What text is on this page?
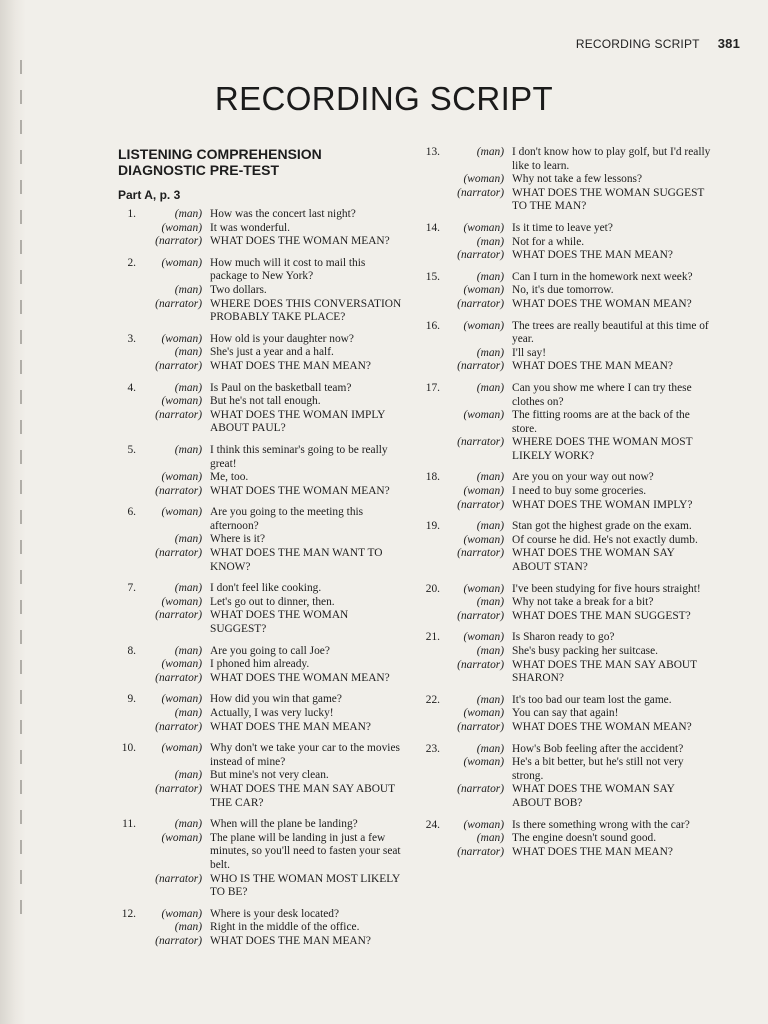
RECORDING SCRIPT 381
RECORDING SCRIPT
LISTENING COMPREHENSION DIAGNOSTIC PRE-TEST
Part A, p. 3
1.	(man) How was the concert last night?
(woman) It was wonderful.
(narrator) WHAT DOES THE WOMAN MEAN?
2.	(woman) How much will it cost to mail this package to New York?
(man) Two dollars.
(narrator) WHERE DOES THIS CONVERSATION PROBABLY TAKE PLACE?
3.	(woman) How old is your daughter now?
(man) She's just a year and a half.
(narrator) WHAT DOES THE MAN MEAN?
4.	(man) Is Paul on the basketball team?
(woman) But he's not tall enough.
(narrator) WHAT DOES THE WOMAN IMPLY ABOUT PAUL?
5.	(man) I think this seminar's going to be really great!
(woman) Me, too.
(narrator) WHAT DOES THE WOMAN MEAN?
6.	(woman) Are you going to the meeting this afternoon?
(man) Where is it?
(narrator) WHAT DOES THE MAN WANT TO KNOW?
7.	(man) I don't feel like cooking.
(woman) Let's go out to dinner, then.
(narrator) WHAT DOES THE WOMAN SUGGEST?
8.	(man) Are you going to call Joe?
(woman) I phoned him already.
(narrator) WHAT DOES THE WOMAN MEAN?
9.	(woman) How did you win that game?
(man) Actually, I was very lucky!
(narrator) WHAT DOES THE MAN MEAN?
10.	(woman) Why don't we take your car to the movies instead of mine?
(man) But mine's not very clean.
(narrator) WHAT DOES THE MAN SAY ABOUT THE CAR?
11.	(man) When will the plane be landing?
(woman) The plane will be landing in just a few minutes, so you'll need to fasten your seat belt.
(narrator) WHO IS THE WOMAN MOST LIKELY TO BE?
12.	(woman) Where is your desk located?
(man) Right in the middle of the office.
(narrator) WHAT DOES THE MAN MEAN?
13.	(man) I don't know how to play golf, but I'd really like to learn.
(woman) Why not take a few lessons?
(narrator) WHAT DOES THE WOMAN SUGGEST TO THE MAN?
14.	(woman) Is it time to leave yet?
(man) Not for a while.
(narrator) WHAT DOES THE MAN MEAN?
15.	(man) Can I turn in the homework next week?
(woman) No, it's due tomorrow.
(narrator) WHAT DOES THE WOMAN MEAN?
16.	(woman) The trees are really beautiful at this time of year.
(man) I'll say!
(narrator) WHAT DOES THE MAN MEAN?
17.	(man) Can you show me where I can try these clothes on?
(woman) The fitting rooms are at the back of the store.
(narrator) WHERE DOES THE WOMAN MOST LIKELY WORK?
18.	(man) Are you on your way out now?
(woman) I need to buy some groceries.
(narrator) WHAT DOES THE WOMAN IMPLY?
19.	(man) Stan got the highest grade on the exam.
(woman) Of course he did. He's not exactly dumb.
(narrator) WHAT DOES THE WOMAN SAY ABOUT STAN?
20.	(woman) I've been studying for five hours straight!
(man) Why not take a break for a bit?
(narrator) WHAT DOES THE MAN SUGGEST?
21.	(woman) Is Sharon ready to go?
(man) She's busy packing her suitcase.
(narrator) WHAT DOES THE MAN SAY ABOUT SHARON?
22.	(man) It's too bad our team lost the game.
(woman) You can say that again!
(narrator) WHAT DOES THE WOMAN MEAN?
23.	(man) How's Bob feeling after the accident?
(woman) He's a bit better, but he's still not very strong.
(narrator) WHAT DOES THE WOMAN SAY ABOUT BOB?
24.	(woman) Is there something wrong with the car?
(man) The engine doesn't sound good.
(narrator) WHAT DOES THE MAN MEAN?
